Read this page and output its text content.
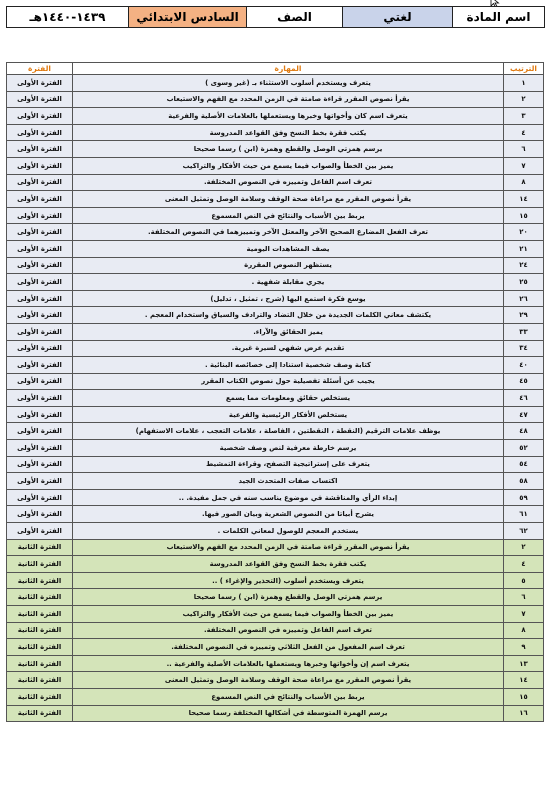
اسم المادة	لغتي	الصف	السادس الابتدائي	١٤٣٩-١٤٤٠هـ
الترتيب	المهارة	الفترة
١	يتعرف ويستخدم أسلوب الاستثناء بـ (غير وسوى )	الفترة الأولى
٢	يقرأ نصوص المقرر قراءة صامتة في الزمن المحدد مع الفهم والاستيعاب	الفترة الأولى
٣	يتعرف اسم كان وأخواتها وخبرها ويستعملها بالعلامات الأصلية والفرعية	الفترة الأولى
٤	يكتب فقرة بخط النسخ وفق القواعد المدروسة	الفترة الأولى
٦	يرسم همزتي الوصل والقطع وهمزة (ابن ) رسما صحيحا	الفترة الأولى
٧	يميز بين الخطأ والصواب فيما يسمع من حيث الأفكار والتراكيب	الفترة الأولى
٨	تعرف اسم الفاعل وتمييزه في النصوص المختلفة.	الفترة الأولى
١٤	يقرأ نصوص المقرر مع مراعاة صحة الوقف وسلامة الوصل وتمثيل المعنى	الفترة الأولى
١٥	يربط بين الأسباب والنتائج في النص المسموع	الفترة الأولى
٢٠	تعرف الفعل المضارع الصحيح الآخر والمعتل الآخر وتمييزهما في النصوص المختلفة.	الفترة الأولى
٢١	يصف المشاهدات اليومية	الفترة الأولى
٢٤	يستظهر النصوص المقررة	الفترة الأولى
٢٥	يجري مقابلة شفهية .	الفترة الأولى
٢٦	يوسع فكرة استمع اليها (شرح ، تمثيل ، تدليل)	الفترة الأولى
٢٩	يكتشف معاني الكلمات الجديدة من خلال التضاد والترادف والسياق واستخدام المعجم .	الفترة الأولى
٣٣	يميز الحقائق والآراء.	الفترة الأولى
٣٤	تقديم عرض شفهي لسيرة غيرية.	الفترة الأولى
٤٠	كتابة وصف شخصية استنادا إلى خصائصه البنائية .	الفترة الأولى
٤٥	يجيب عن أسئلة تفصيلية حول نصوص الكتاب المقرر	الفترة الأولى
٤٦	يستخلص حقائق ومعلومات مما يسمع	الفترة الأولى
٤٧	يستخلص الأفكار الرئيسية والفرعية	الفترة الأولى
٤٨	يوظف علامات الترقيم (النقطة ، النقطتين ، الفاصلة ، علامات التعجب ، علامات الاستفهام)	الفترة الأولى
٥٢	يرسم خارطة معرفية لنص وصف شخصية	الفترة الأولى
٥٤	يتعرف على إستراتيجية التصفح، وقراءة التمشيط	الفترة الأولى
٥٨	اكتساب صفات المتحدث الجيد	الفترة الأولى
٥٩	إبداء الرأي والمناقشة في موضوع يناسب سنه في جمل مفيدة. ..	الفترة الأولى
٦١	يشرح أبياتا من النصوص الشعرية وبيان الصور فيها.	الفترة الأولى
٦٢	يستخدم المعجم للوصول لمعاني الكلمات .	الفترة الأولى
٢	يقرأ نصوص المقرر قراءة صامتة في الزمن المحدد مع الفهم والاستيعاب	الفترة الثانية
٤	يكتب فقرة بخط النسخ وفق القواعد المدروسة	الفترة الثانية
٥	يتعرف ويستخدم أسلوب (التحذير والإغراء ) ..	الفترة الثانية
٦	يرسم همزتي الوصل والقطع وهمزة (ابن ) رسما صحيحا	الفترة الثانية
٧	يميز بين الخطأ والصواب فيما يسمع من حيث الأفكار والتراكيب	الفترة الثانية
٨	تعرف اسم الفاعل وتمييزه في النصوص المختلفة.	الفترة الثانية
٩	تعرف اسم المفعول من الفعل الثلاثي وتمييزه في النصوص المختلفة.	الفترة الثانية
١٣	يتعرف اسم إن وأخواتها وخبرها ويستعملها بالعلامات الأصلية والفرعية ..	الفترة الثانية
١٤	يقرأ نصوص المقرر مع مراعاة صحة الوقف وسلامة الوصل وتمثيل المعنى	الفترة الثانية
١٥	يربط بين الأسباب والنتائج في النص المسموع	الفترة الثانية
١٦	يرسم الهمزة المتوسطة في أشكالها المختلفة رسما صحيحا	الفترة الثانية
